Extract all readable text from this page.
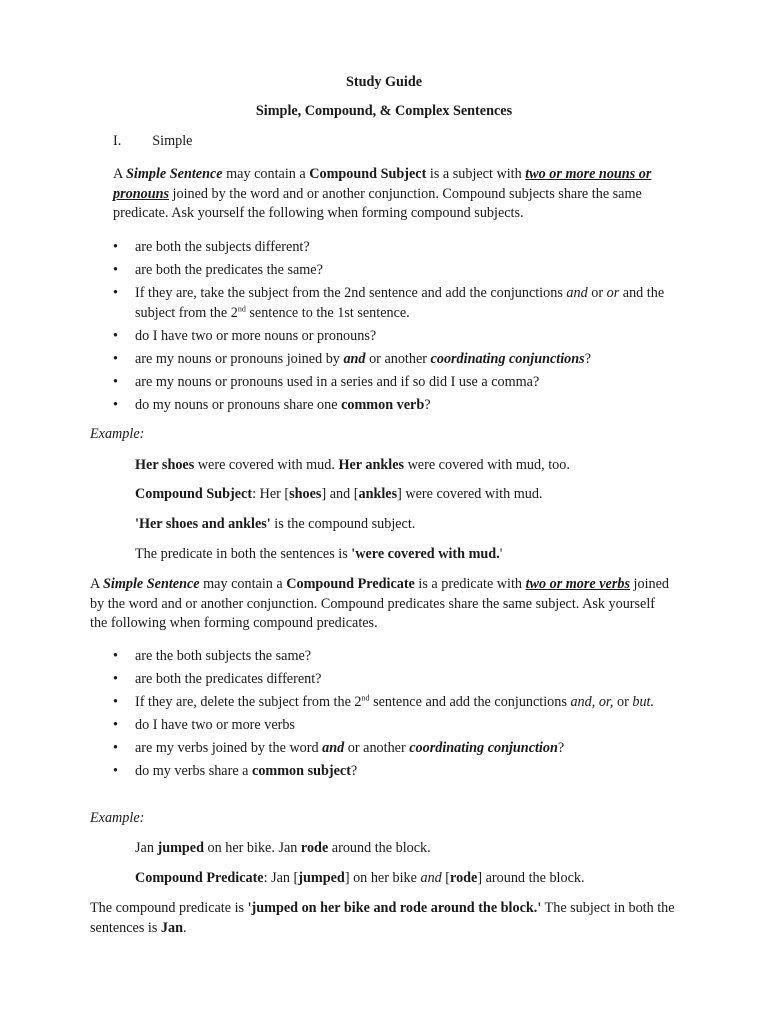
Study Guide

Simple, Compound, & Complex Sentences

I. Simple

A Simple Sentence may contain a Compound Subject is a subject with two or more nouns or pronouns joined by the word and or another conjunction. Compound subjects share the same predicate. Ask yourself the following when forming compound subjects.

• are both the subjects different?
• are both the predicates the same?
• If they are, take the subject from the 2nd sentence and add the conjunctions and or or and the subject from the 2nd sentence to the 1st sentence.
• do I have two or more nouns or pronouns?
• are my nouns or pronouns joined by and or another coordinating conjunctions?
• are my nouns or pronouns used in a series and if so did I use a comma?
• do my nouns or pronouns share one common verb?

Example:

Her shoes were covered with mud. Her ankles were covered with mud, too.

Compound Subject: Her [shoes] and [ankles] were covered with mud.

'Her shoes and ankles' is the compound subject.

The predicate in both the sentences is 'were covered with mud.'

A Simple Sentence may contain a Compound Predicate is a predicate with two or more verbs joined by the word and or another conjunction. Compound predicates share the same subject. Ask yourself the following when forming compound predicates.

• are the both subjects the same?
• are both the predicates different?
• If they are, delete the subject from the 2nd sentence and add the conjunctions and, or, or but.
• do I have two or more verbs
• are my verbs joined by the word and or another coordinating conjunction?
• do my verbs share a common subject?

Example:

Jan jumped on her bike. Jan rode around the block.

Compound Predicate: Jan [jumped] on her bike and [rode] around the block.

The compound predicate is 'jumped on her bike and rode around the block.' The subject in both the sentences is Jan.
